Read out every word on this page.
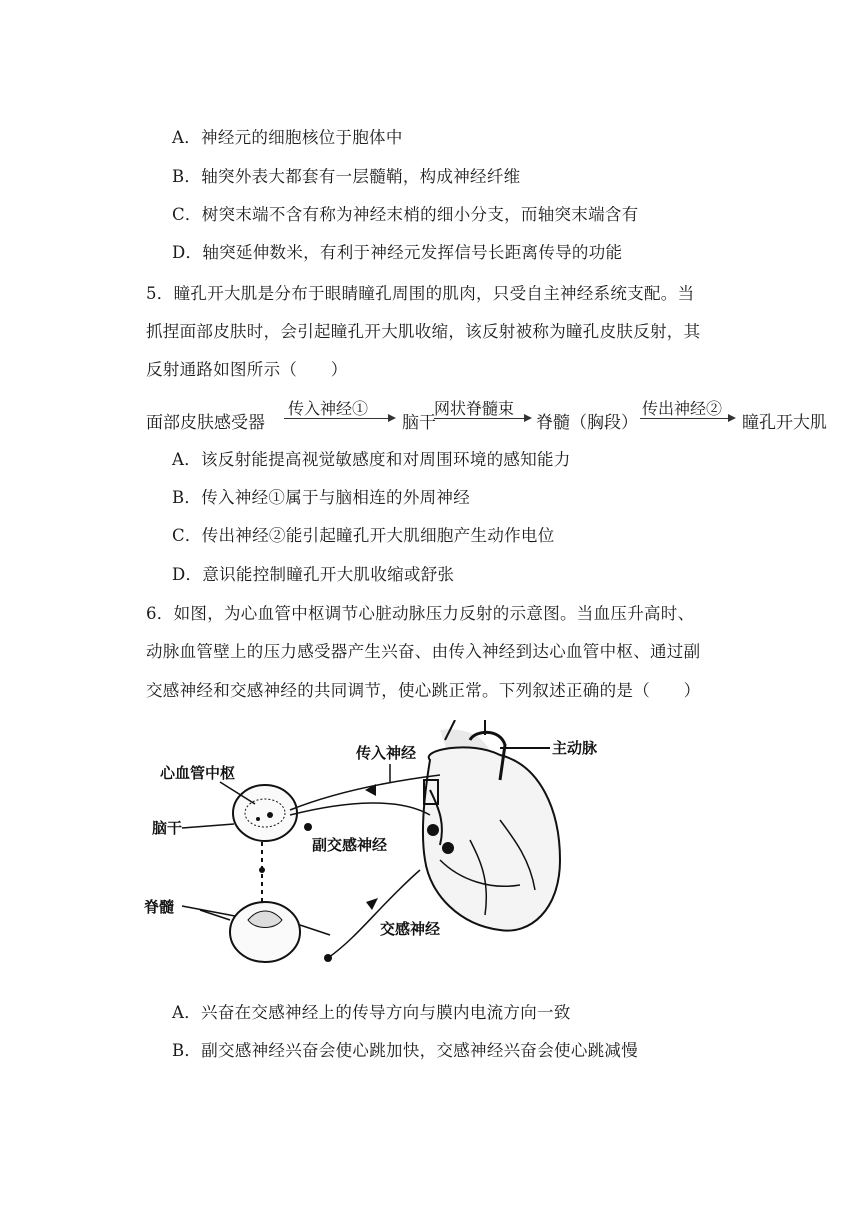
A．神经元的细胞核位于胞体中
B．轴突外表大都套有一层髓鞘，构成神经纤维
C．树突末端不含有称为神经末梢的细小分支，而轴突末端含有
D．轴突延伸数米，有利于神经元发挥信号长距离传导的功能
5．瞳孔开大肌是分布于眼睛瞳孔周围的肌肉，只受自主神经系统支配。当
抓捏面部皮肤时，会引起瞳孔开大肌收缩，该反射被称为瞳孔皮肤反射，其
反射通路如图所示（　　）
面部皮肤感受器
传入神经①
脑干
网状脊髓束
脊髓（胸段）
传出神经②
瞳孔开大肌
A．该反射能提高视觉敏感度和对周围环境的感知能力
B．传入神经①属于与脑相连的外周神经
C．传出神经②能引起瞳孔开大肌细胞产生动作电位
D．意识能控制瞳孔开大肌收缩或舒张
6．如图，为心血管中枢调节心脏动脉压力反射的示意图。当血压升高时、
动脉血管壁上的压力感受器产生兴奋、由传入神经到达心血管中枢、通过副
交感神经和交感神经的共同调节，使心跳正常。下列叙述正确的是（　　）
主动脉
传入神经
心血管中枢
脑干
副交感神经
脊髓
交感神经
A．兴奋在交感神经上的传导方向与膜内电流方向一致
B．副交感神经兴奋会使心跳加快，交感神经兴奋会使心跳减慢
